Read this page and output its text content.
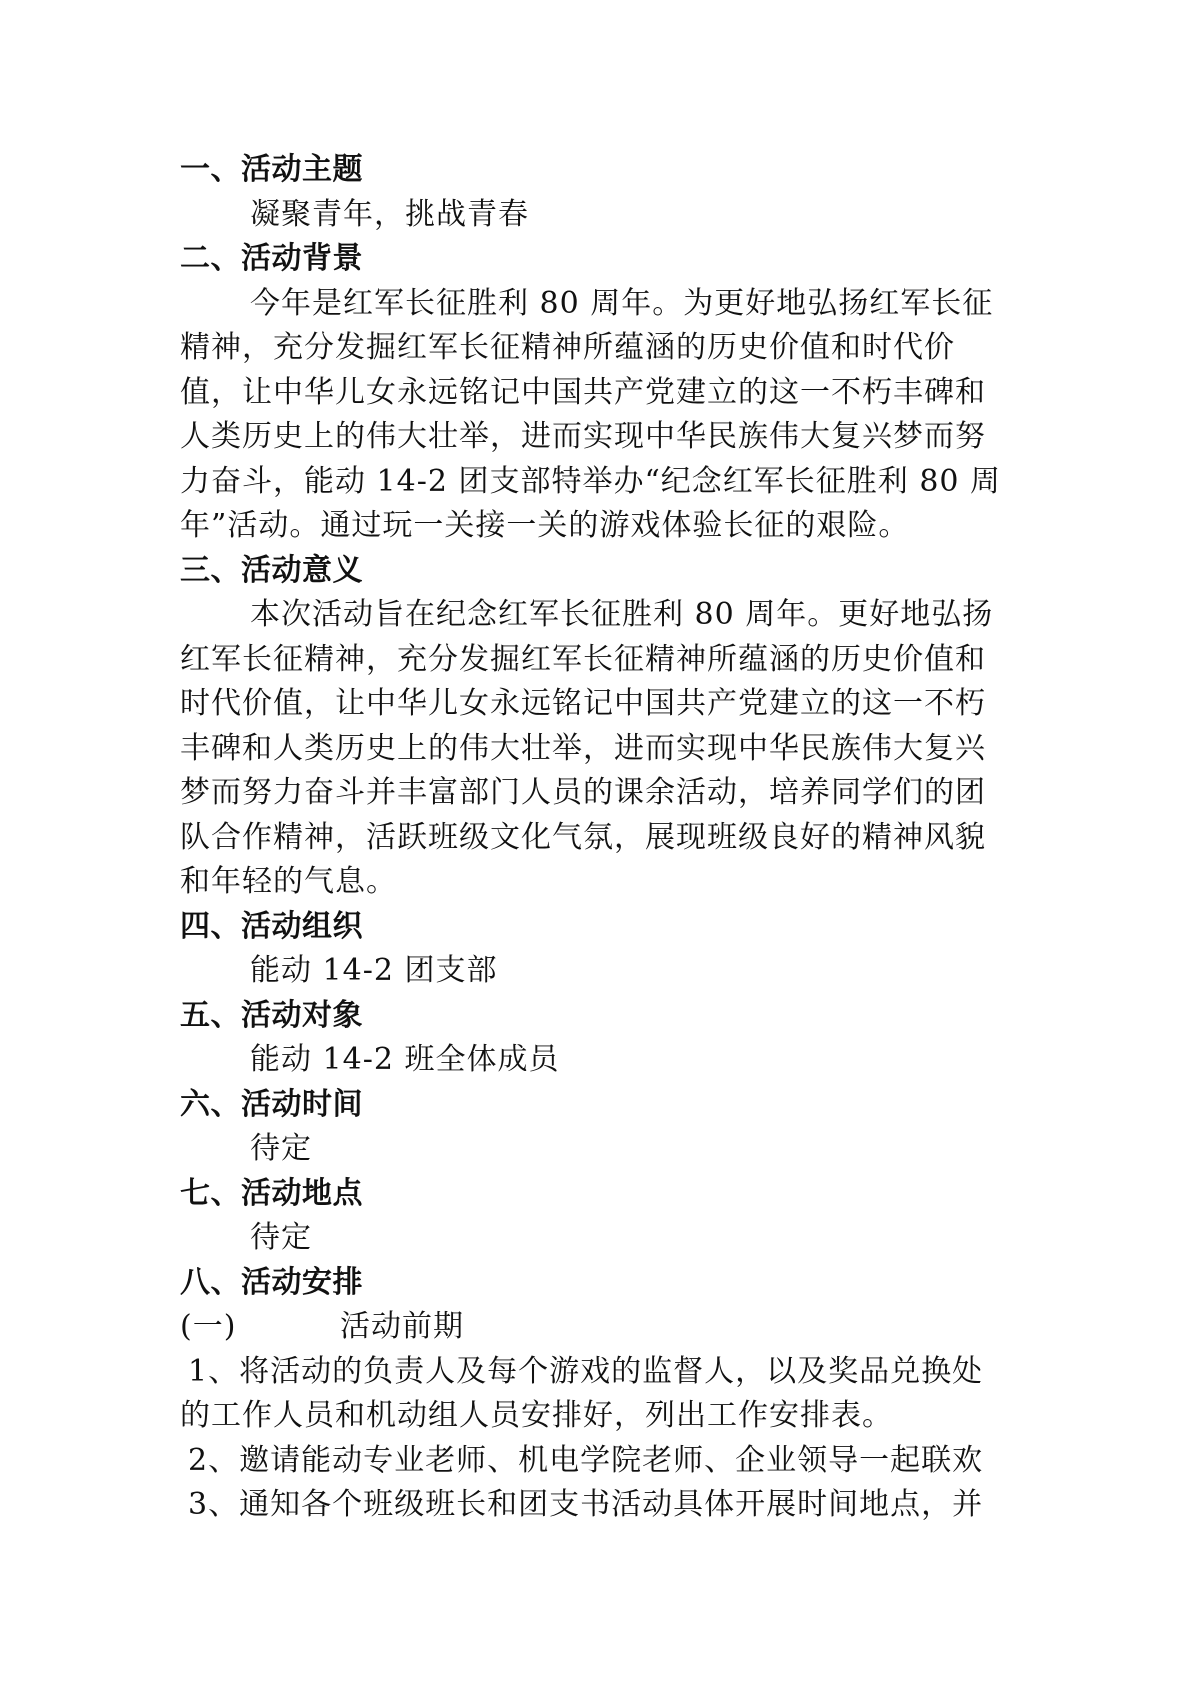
一、活动主题
凝聚青年，挑战青春
二、活动背景
今年是红军长征胜利 80 周年。为更好地弘扬红军长征
精神，充分发掘红军长征精神所蕴涵的历史价值和时代价
值，让中华儿女永远铭记中国共产党建立的这一不朽丰碑和
人类历史上的伟大壮举，进而实现中华民族伟大复兴梦而努
力奋斗，能动 14-2 团支部特举办“纪念红军长征胜利 80 周
年”活动。通过玩一关接一关的游戏体验长征的艰险。
三、活动意义
本次活动旨在纪念红军长征胜利 80 周年。更好地弘扬
红军长征精神，充分发掘红军长征精神所蕴涵的历史价值和
时代价值，让中华儿女永远铭记中国共产党建立的这一不朽
丰碑和人类历史上的伟大壮举，进而实现中华民族伟大复兴
梦而努力奋斗并丰富部门人员的课余活动，培养同学们的团
队合作精神，活跃班级文化气氛，展现班级良好的精神风貌
和年轻的气息。
四、活动组织
能动 14-2 团支部
五、活动对象
能动 14-2 班全体成员
六、活动时间
待定
七、活动地点
待定
八、活动安排
(一)	活动前期
1、将活动的负责人及每个游戏的监督人，以及奖品兑换处
的工作人员和机动组人员安排好，列出工作安排表。
2、邀请能动专业老师、机电学院老师、企业领导一起联欢
3、通知各个班级班长和团支书活动具体开展时间地点，并
